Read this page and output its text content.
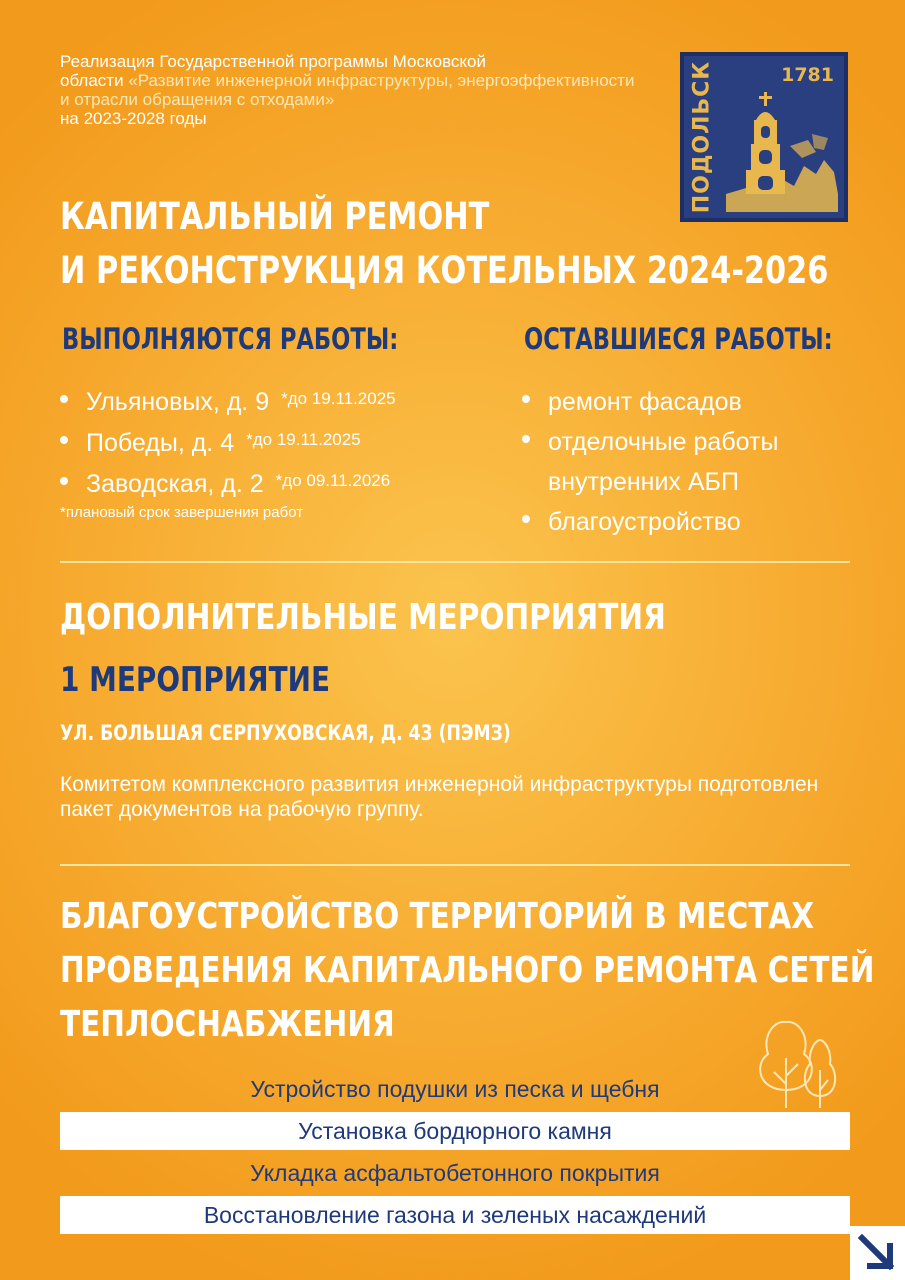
Реализация Государственной программы Московской
области «Развитие инженерной инфраструктуры, энергоэффективности и отрасли обращения с отходами»
на 2023-2028 годы	ПОДОЛЬСК	1781
КАПИТАЛЬНЫЙ РЕМОНТ
И РЕКОНСТРУКЦИЯ КОТЕЛЬНЫХ 2024-2026
ВЫПОЛНЯЮТСЯ РАБОТЫ:
Ульяновых, д. 9 $^{*до 19.11.2025}$
Победы, д. 4 $^{*до 19.11.2025}$
Заводская, д. 2 $^{*до 09.11.2026}$
*плановый срок завершения работ
ОСТАВШИЕСЯ РАБОТЫ:
ремонт фасадов
отделочные работы внутренних АБП
благоустройство
ДОПОЛНИТЕЛЬНЫЕ МЕРОПРИЯТИЯ
1 МЕРОПРИЯТИЕ
УЛ. БОЛЬШАЯ СЕРПУХОВСКАЯ, Д. 43 (ПЭМЗ)
Комитетом комплексного развития инженерной инфраструктуры подготовлен пакет документов на рабочую группу.
БЛАГОУСТРОЙСТВО ТЕРРИТОРИЙ В МЕСТАХ
ПРОВЕДЕНИЯ КАПИТАЛЬНОГО РЕМОНТА СЕТЕЙ
ТЕПЛОСНАБЖЕНИЯ
Устройство подушки из песка и щебня
Установка бордюрного камня
Укладка асфальтобетонного покрытия
Восстановление газона и зеленых насаждений
